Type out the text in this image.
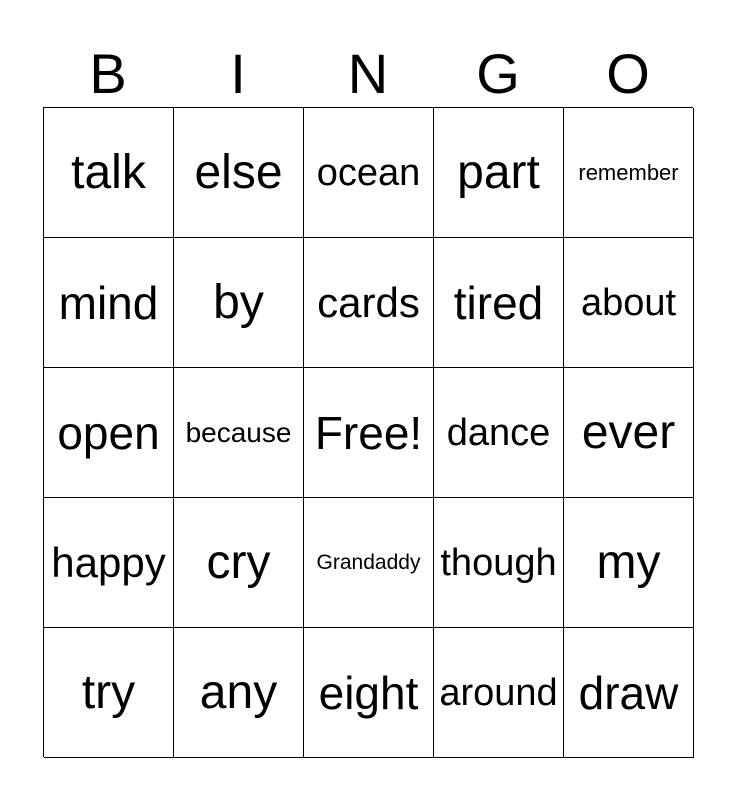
B	I	N	G	O
talk	else ocean part	remember
mind	by	cards tired about
open because Free! dance ever
happy cry	Grandaddy though my
try	any eight around draw
